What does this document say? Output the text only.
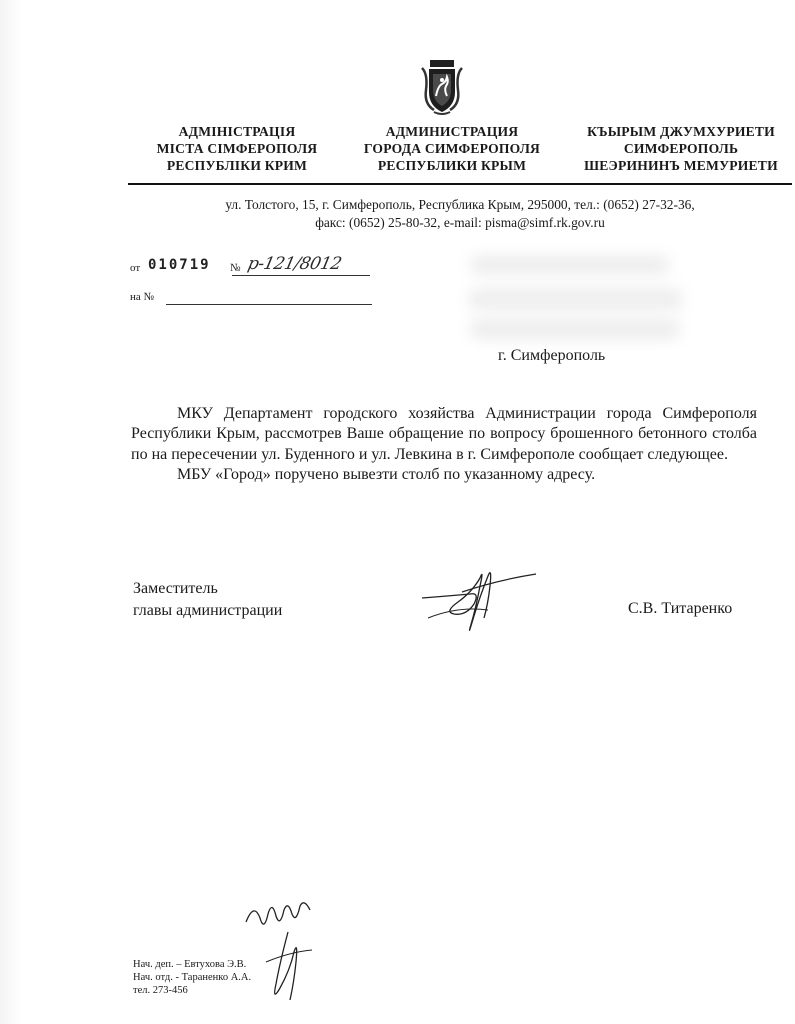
АДМІНІСТРАЦІЯ
МІСТА СІМФЕРОПОЛЯ
РЕСПУБЛІКИ КРИМ
АДМИНИСТРАЦИЯ
ГОРОДА СИМФЕРОПОЛЯ
РЕСПУБЛИКИ КРЫМ
КЪЫРЫМ ДЖУМХУРИЕТИ
СИМФЕРОПОЛЬ
ШЕЭРИНИНЪ МЕМУРИЕТИ
ул. Толстого, 15, г. Симферополь, Республика Крым, 295000, тел.: (0652) 27-32-36,
факс: (0652) 25-80-32, e-mail: pisma@simf.rk.gov.ru
от 010719 № р-121/8012
на №
г. Симферополь

МКУ Департамент городского хозяйства Администрации города Симферополя Республики Крым, рассмотрев Ваше обращение по вопросу брошенного бетонного столба по на пересечении ул. Буденного и ул. Левкина в г. Симферополе сообщает следующее.

МБУ «Город» поручено вывезти столб по указанному адресу.

Заместитель
главы администрации	С.В. Титаренко
Нач. деп. – Евтухова Э.В.
Нач. отд. - Тараненко А.А.
тел. 273-456
